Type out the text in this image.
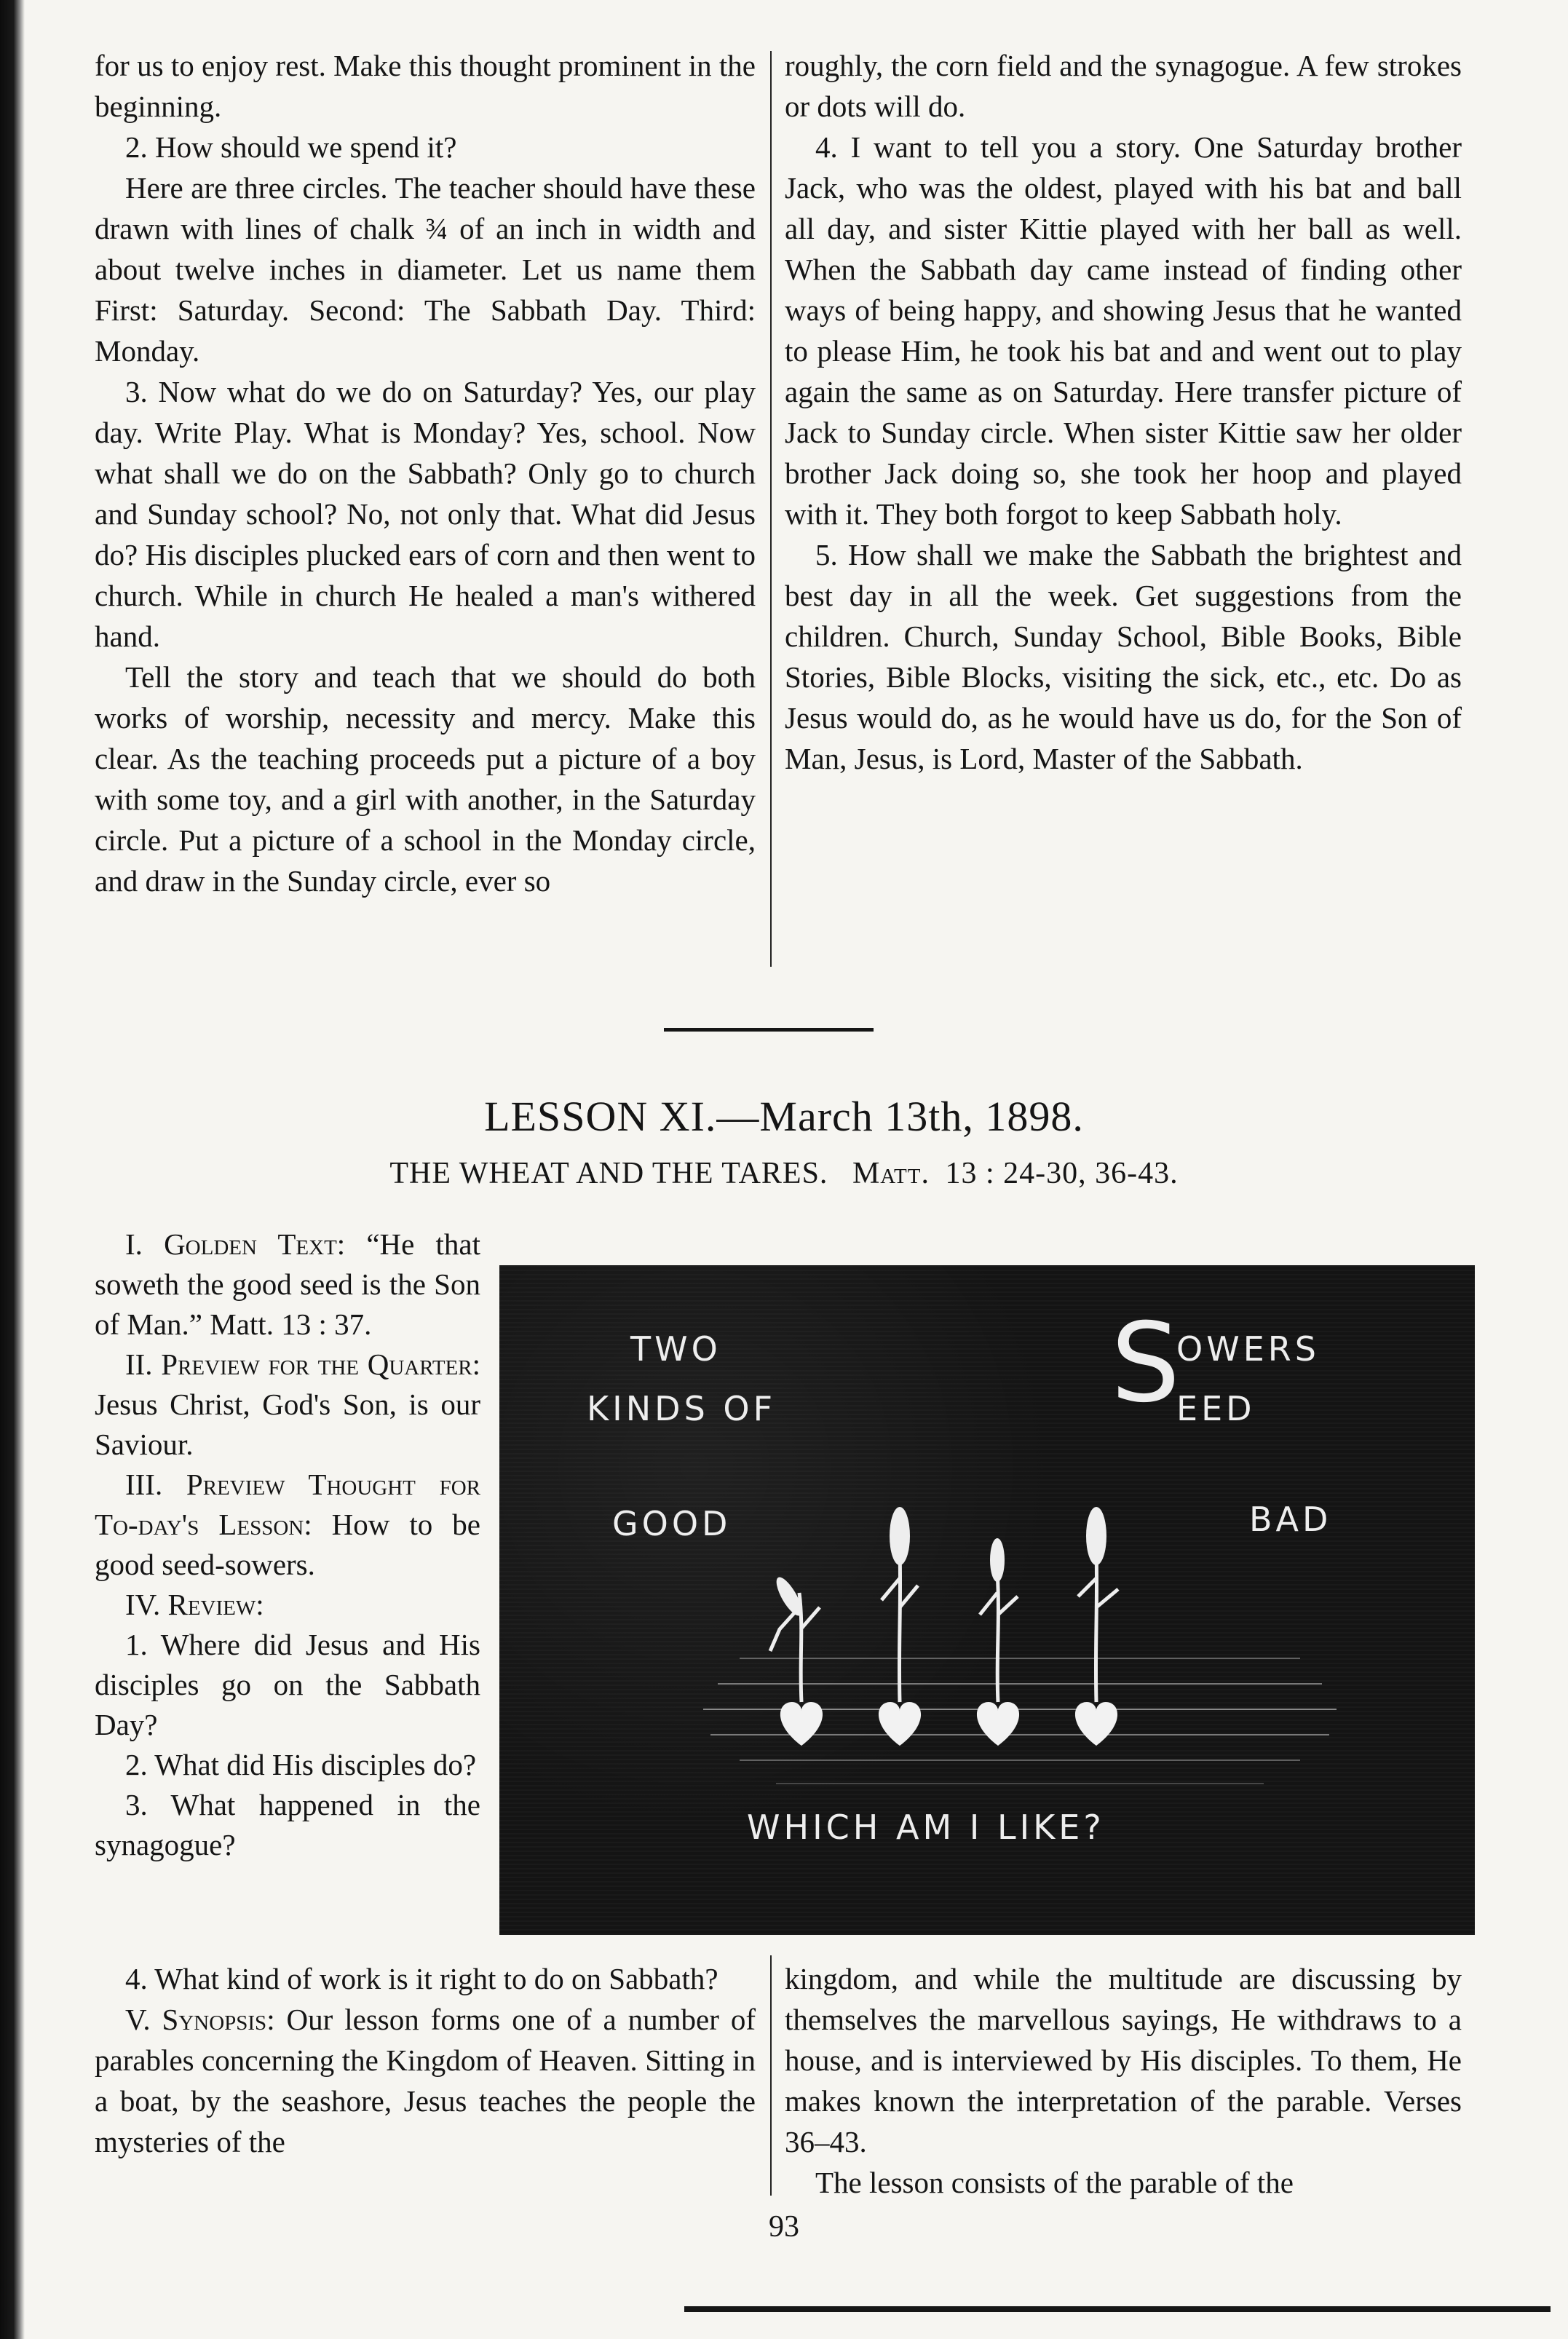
for us to enjoy rest. Make this thought prominent in the beginning.

2. How should we spend it?

Here are three circles. The teacher should have these drawn with lines of chalk ¾ of an inch in width and about twelve inches in diameter. Let us name them First: Saturday. Second: The Sabbath Day. Third: Monday.

3. Now what do we do on Saturday? Yes, our play day. Write Play. What is Monday? Yes, school. Now what shall we do on the Sabbath? Only go to church and Sunday school? No, not only that. What did Jesus do? His disciples plucked ears of corn and then went to church. While in church He healed a man's withered hand.

Tell the story and teach that we should do both works of worship, necessity and mercy. Make this clear. As the teaching proceeds put a picture of a boy with some toy, and a girl with another, in the Saturday circle. Put a picture of a school in the Monday circle, and draw in the Sunday circle, ever so

roughly, the corn field and the synagogue. A few strokes or dots will do.

4. I want to tell you a story. One Saturday brother Jack, who was the oldest, played with his bat and ball all day, and sister Kittie played with her ball as well. When the Sabbath day came instead of finding other ways of being happy, and showing Jesus that he wanted to please Him, he took his bat and and went out to play again the same as on Saturday. Here transfer picture of Jack to Sunday circle. When sister Kittie saw her older brother Jack doing so, she took her hoop and played with it. They both forgot to keep Sabbath holy.

5. How shall we make the Sabbath the brightest and best day in all the week. Get suggestions from the children. Church, Sunday School, Bible Books, Bible Stories, Bible Blocks, visiting the sick, etc., etc. Do as Jesus would do, as he would have us do, for the Son of Man, Jesus, is Lord, Master of the Sabbath.

LESSON XI.—March 13th, 1898.
THE WHEAT AND THE TARES. Matt. 13 : 24-30, 36-43.

I. Golden Text: “He that soweth the good seed is the Son of Man.” Matt. 13 : 37.

II. Preview for the Quarter: Jesus Christ, God's Son, is our Saviour.

III. Preview Thought for To-day's Lesson: How to be good seed-sowers.

IV. Review:

1. Where did Jesus and His disciples go on the Sabbath Day?

2. What did His disciples do?

3. What happened in the synagogue?

TWO
KINDS OF	S
OWERS
EED
GOOD	BAD
WHICH AM I LIKE?

4. What kind of work is it right to do on Sabbath?

V. Synopsis: Our lesson forms one of a number of parables concerning the Kingdom of Heaven. Sitting in a boat, by the seashore, Jesus teaches the people the mysteries of the

kingdom, and while the multitude are discussing by themselves the marvellous sayings, He withdraws to a house, and is interviewed by His disciples. To them, He makes known the interpretation of the parable. Verses 36–43.

The lesson consists of the parable of the

93
